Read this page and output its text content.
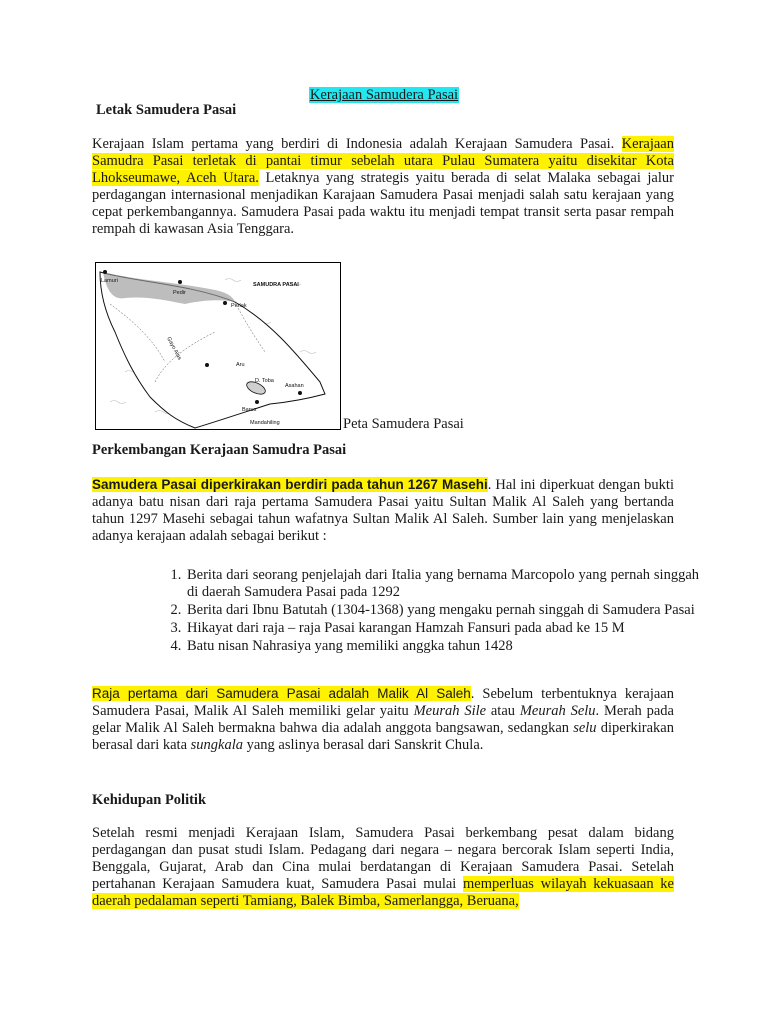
Kerajaan Samudera Pasai
Letak Samudera Pasai
Kerajaan Islam pertama yang berdiri di Indonesia adalah Kerajaan Samudera Pasai. Kerajaan Samudra Pasai terletak di pantai timur sebelah utara Pulau Sumatera yaitu disekitar Kota Lhokseumawe, Aceh Utara. Letaknya yang strategis yaitu berada di selat Malaka sebagai jalur perdagangan internasional menjadikan Karajaan Samudera Pasai menjadi salah satu kerajaan yang cepat perkembangannya. Samudera Pasai pada waktu itu menjadi tempat transit serta pasar rempah rempah di kawasan Asia Tenggara.
SAMUDRA PASAI
Lamuri
Pedir
Perlak
Gayo Alas
Aru
D. Toba
Asahan
Barus
Mandahiling	Peta Samudera Pasai
Perkembangan Kerajaan Samudra Pasai
Samudera Pasai diperkirakan berdiri pada tahun 1267 Masehi. Hal ini diperkuat dengan bukti adanya batu nisan dari raja pertama Samudera Pasai yaitu Sultan Malik Al Saleh yang bertanda tahun 1297 Masehi sebagai tahun wafatnya Sultan Malik Al Saleh. Sumber lain yang menjelaskan adanya kerajaan adalah sebagai berikut :
1. Berita dari seorang penjelajah dari Italia yang bernama Marcopolo yang pernah singgah di daerah Samudera Pasai pada 1292
2. Berita dari Ibnu Batutah (1304-1368) yang mengaku pernah singgah di Samudera Pasai
3. Hikayat dari raja – raja Pasai karangan Hamzah Fansuri pada abad ke 15 M
4. Batu nisan Nahrasiya yang memiliki anggka tahun 1428
Raja pertama dari Samudera Pasai adalah Malik Al Saleh. Sebelum terbentuknya kerajaan Samudera Pasai, Malik Al Saleh memiliki gelar yaitu Meurah Sile atau Meurah Selu. Merah pada gelar Malik Al Saleh bermakna bahwa dia adalah anggota bangsawan, sedangkan selu diperkirakan berasal dari kata sungkala yang aslinya berasal dari Sanskrit Chula.
Kehidupan Politik
Setelah resmi menjadi Kerajaan Islam, Samudera Pasai berkembang pesat dalam bidang perdagangan dan pusat studi Islam. Pedagang dari negara – negara bercorak Islam seperti India, Benggala, Gujarat, Arab dan Cina mulai berdatangan di Kerajaan Samudera Pasai. Setelah pertahanan Kerajaan Samudera kuat, Samudera Pasai mulai memperluas wilayah kekuasaan ke daerah pedalaman seperti Tamiang, Balek Bimba, Samerlangga, Beruana,
